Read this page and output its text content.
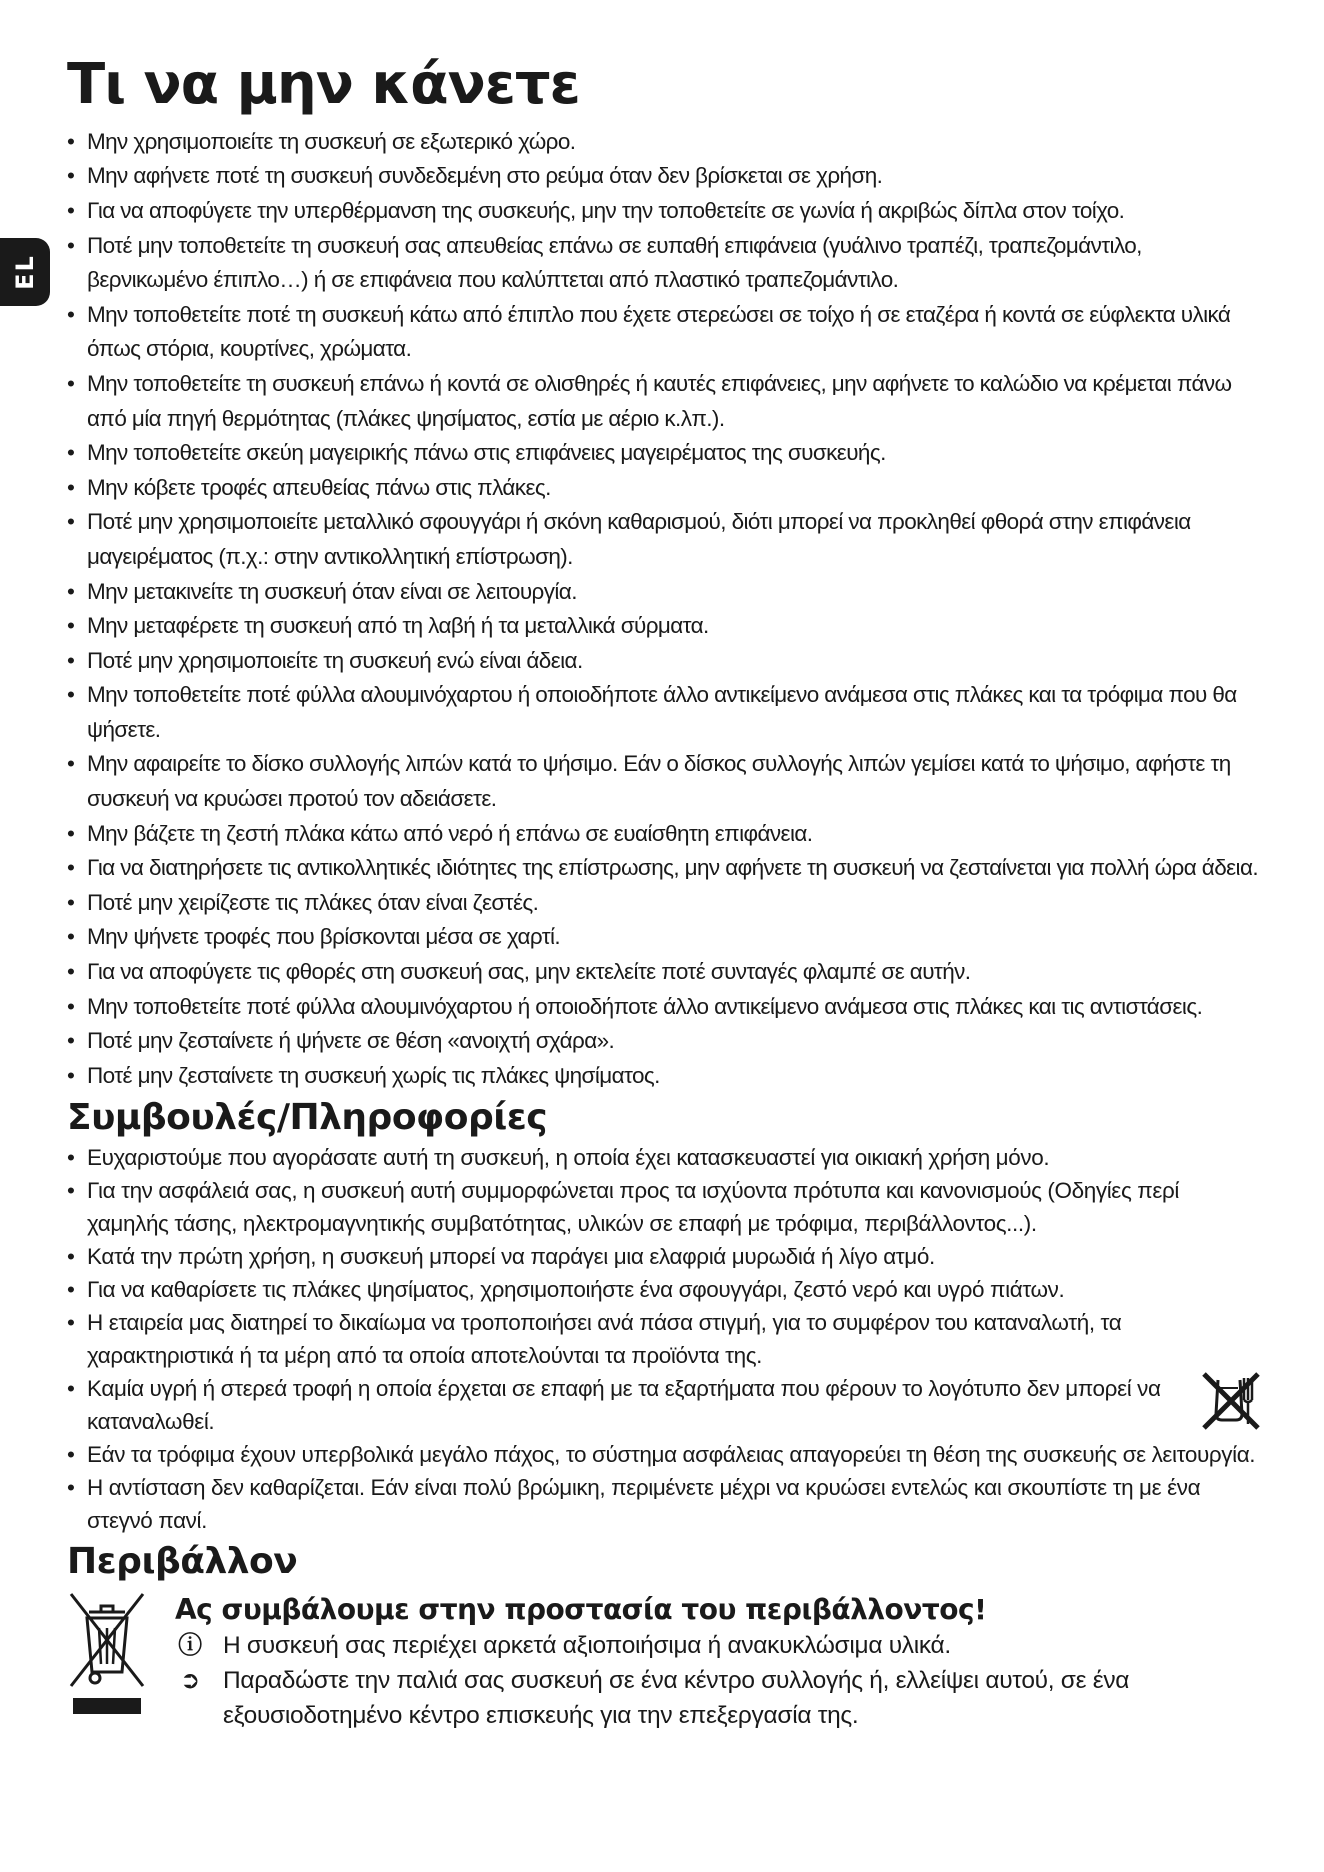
EL
Τι να μην κάνετε
• Μην χρησιμοποιείτε τη συσκευή σε εξωτερικό χώρο.
• Μην αφήνετε ποτέ τη συσκευή συνδεδεμένη στο ρεύμα όταν δεν βρίσκεται σε χρήση.
• Για να αποφύγετε την υπερθέρμανση της συσκευής, μην την τοποθετείτε σε γωνία ή ακριβώς δίπλα στον τοίχο.
• Ποτέ μην τοποθετείτε τη συσκευή σας απευθείας επάνω σε ευπαθή επιφάνεια (γυάλινο τραπέζι, τραπεζομάντιλο, βερνικωμένο έπιπλο…) ή σε επιφάνεια που καλύπτεται από πλαστικό τραπεζομάντιλο.
• Μην τοποθετείτε ποτέ τη συσκευή κάτω από έπιπλο που έχετε στερεώσει σε τοίχο ή σε εταζέρα ή κοντά σε εύφλεκτα υλικά όπως στόρια, κουρτίνες, χρώματα.
• Μην τοποθετείτε τη συσκευή επάνω ή κοντά σε ολισθηρές ή καυτές επιφάνειες, μην αφήνετε το καλώδιο να κρέμεται πάνω από μία πηγή θερμότητας (πλάκες ψησίματος, εστία με αέριο κ.λπ.).
• Μην τοποθετείτε σκεύη μαγειρικής πάνω στις επιφάνειες μαγειρέματος της συσκευής.
• Μην κόβετε τροφές απευθείας πάνω στις πλάκες.
• Ποτέ μην χρησιμοποιείτε μεταλλικό σφουγγάρι ή σκόνη καθαρισμού, διότι μπορεί να προκληθεί φθορά στην επιφάνεια μαγειρέματος (π.χ.: στην αντικολλητική επίστρωση).
• Μην μετακινείτε τη συσκευή όταν είναι σε λειτουργία.
• Μην μεταφέρετε τη συσκευή από τη λαβή ή τα μεταλλικά σύρματα.
• Ποτέ μην χρησιμοποιείτε τη συσκευή ενώ είναι άδεια.
• Μην τοποθετείτε ποτέ φύλλα αλουμινόχαρτου ή οποιοδήποτε άλλο αντικείμενο ανάμεσα στις πλάκες και τα τρόφιμα που θα ψήσετε.
• Μην αφαιρείτε το δίσκο συλλογής λιπών κατά το ψήσιμο. Εάν ο δίσκος συλλογής λιπών γεμίσει κατά το ψήσιμο, αφήστε τη συσκευή να κρυώσει προτού τον αδειάσετε.
• Μην βάζετε τη ζεστή πλάκα κάτω από νερό ή επάνω σε ευαίσθητη επιφάνεια.
• Για να διατηρήσετε τις αντικολλητικές ιδιότητες της επίστρωσης, μην αφήνετε τη συσκευή να ζεσταίνεται για πολλή ώρα άδεια.
• Ποτέ μην χειρίζεστε τις πλάκες όταν είναι ζεστές.
• Μην ψήνετε τροφές που βρίσκονται μέσα σε χαρτί.
• Για να αποφύγετε τις φθορές στη συσκευή σας, μην εκτελείτε ποτέ συνταγές φλαμπέ σε αυτήν.
• Μην τοποθετείτε ποτέ φύλλα αλουμινόχαρτου ή οποιοδήποτε άλλο αντικείμενο ανάμεσα στις πλάκες και τις αντιστάσεις.
• Ποτέ μην ζεσταίνετε ή ψήνετε σε θέση «ανοιχτή σχάρα».
• Ποτέ μην ζεσταίνετε τη συσκευή χωρίς τις πλάκες ψησίματος.
Συμβουλές/Πληροφορίες
• Ευχαριστούμε που αγοράσατε αυτή τη συσκευή, η οποία έχει κατασκευαστεί για οικιακή χρήση μόνο.
• Για την ασφάλειά σας, η συσκευή αυτή συμμορφώνεται προς τα ισχύοντα πρότυπα και κανονισμούς (Οδηγίες περί χαμηλής τάσης, ηλεκτρομαγνητικής συμβατότητας, υλικών σε επαφή με τρόφιμα, περιβάλλοντος...).
• Κατά την πρώτη χρήση, η συσκευή μπορεί να παράγει μια ελαφριά μυρωδιά ή λίγο ατμό.
• Για να καθαρίσετε τις πλάκες ψησίματος, χρησιμοποιήστε ένα σφουγγάρι, ζεστό νερό και υγρό πιάτων.
• Η εταιρεία μας διατηρεί το δικαίωμα να τροποποιήσει ανά πάσα στιγμή, για το συμφέρον του καταναλωτή, τα χαρακτηριστικά ή τα μέρη από τα οποία αποτελούνται τα προϊόντα της.
• Καμία υγρή ή στερεά τροφή η οποία έρχεται σε επαφή με τα εξαρτήματα που φέρουν το λογότυπο δεν μπορεί να καταναλωθεί.
• Εάν τα τρόφιμα έχουν υπερβολικά μεγάλο πάχος, το σύστημα ασφάλειας απαγορεύει τη θέση της συσκευής σε λειτουργία.
• Η αντίσταση δεν καθαρίζεται. Εάν είναι πολύ βρώμικη, περιμένετε μέχρι να κρυώσει εντελώς και σκουπίστε τη με ένα στεγνό πανί.
Περιβάλλον
Ας συμβάλουμε στην προστασία του περιβάλλοντος!
ⓘ Η συσκευή σας περιέχει αρκετά αξιοποιήσιμα ή ανακυκλώσιμα υλικά.
➲ Παραδώστε την παλιά σας συσκευή σε ένα κέντρο συλλογής ή, ελλείψει αυτού, σε ένα εξουσιοδοτημένο κέντρο επισκευής για την επεξεργασία της.
